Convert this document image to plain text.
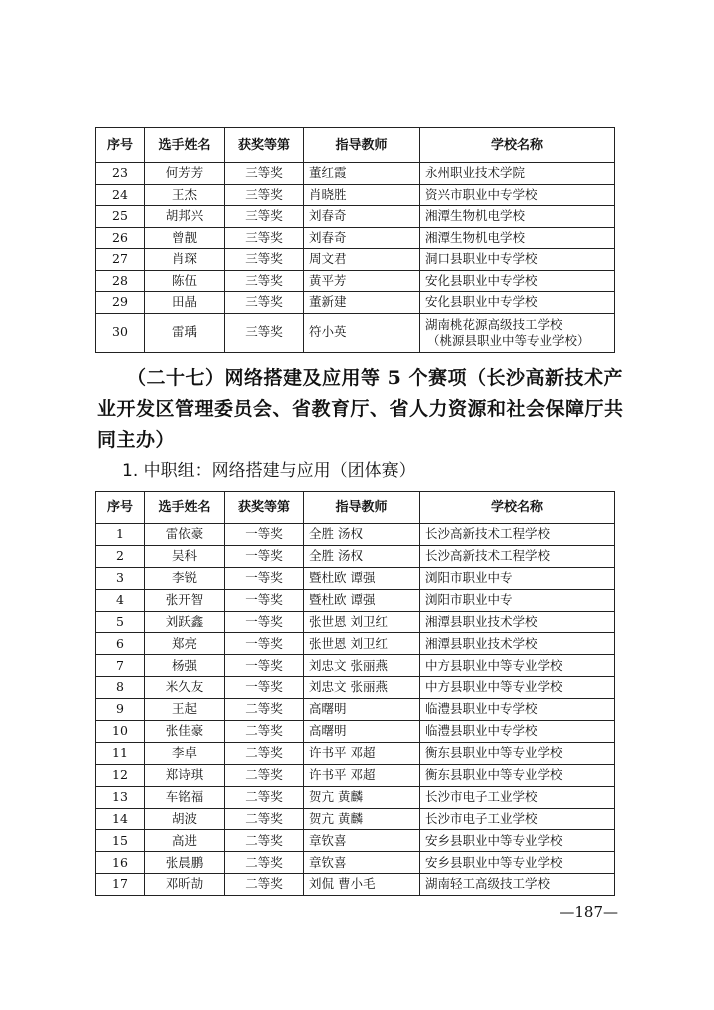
序号	选手姓名	获奖等第	指导教师	学校名称
23	何芳芳	三等奖	董红霞	永州职业技术学院
24	王杰	三等奖	肖晓胜	资兴市职业中专学校
25	胡邦兴	三等奖	刘春奇	湘潭生物机电学校
26	曾靓	三等奖	刘春奇	湘潭生物机电学校
27	肖琛	三等奖	周文君	洞口县职业中专学校
28	陈伍	三等奖	黄平芳	安化县职业中专学校
29	田晶	三等奖	董新建	安化县职业中专学校
30	雷瑀	三等奖	符小英	湖南桃花源高级技工学校
（桃源县职业中等专业学校）
（二十七）网络搭建及应用等 5 个赛项（长沙高新技术产业开发区管理委员会、省教育厅、省人力资源和社会保障厅共同主办）
1. 中职组：网络搭建与应用（团体赛）
序号	选手姓名	获奖等第	指导教师	学校名称
1	雷依豪	一等奖	全胜 汤权	长沙高新技术工程学校
2	吴科	一等奖	全胜 汤权	长沙高新技术工程学校
3	李锐	一等奖	暨杜欧 谭强	浏阳市职业中专
4	张开智	一等奖	暨杜欧 谭强	浏阳市职业中专
5	刘跃鑫	一等奖	张世恩 刘卫红	湘潭县职业技术学校
6	郑亮	一等奖	张世恩 刘卫红	湘潭县职业技术学校
7	杨强	一等奖	刘忠文 张丽燕	中方县职业中等专业学校
8	米久友	一等奖	刘忠文 张丽燕	中方县职业中等专业学校
9	王起	二等奖	高曙明	临澧县职业中专学校
10	张佳豪	二等奖	高曙明	临澧县职业中专学校
11	李卓	二等奖	许书平 邓超	衡东县职业中等专业学校
12	郑诗琪	二等奖	许书平 邓超	衡东县职业中等专业学校
13	车铭福	二等奖	贺亢 黄麟	长沙市电子工业学校
14	胡波	二等奖	贺亢 黄麟	长沙市电子工业学校
15	高进	二等奖	章钦喜	安乡县职业中等专业学校
16	张晨鹏	二等奖	章钦喜	安乡县职业中等专业学校
17	邓昕劼	二等奖	刘侃 曹小毛	湖南轻工高级技工学校
—187—
